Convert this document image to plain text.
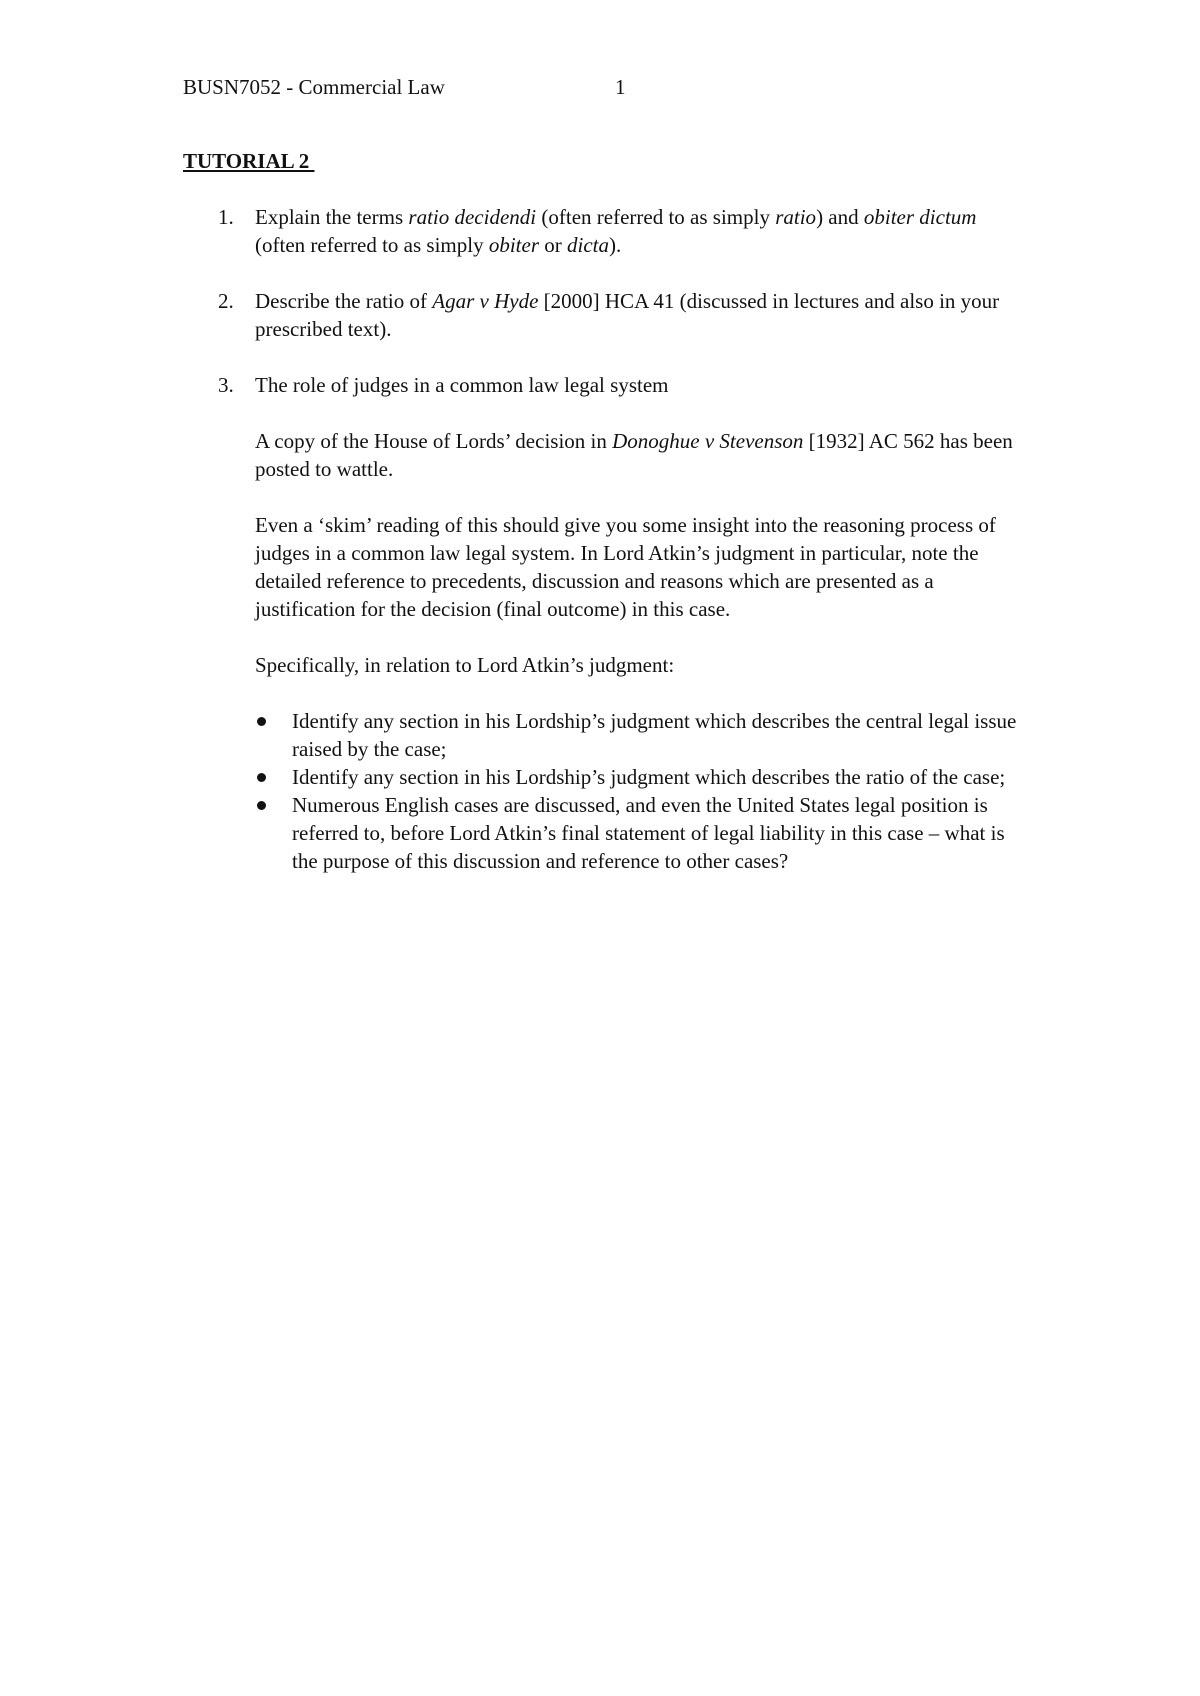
BUSN7052 - Commercial Law	1
TUTORIAL 2
1. Explain the terms ratio decidendi (often referred to as simply ratio) and obiter dictum (often referred to as simply obiter or dicta).
2. Describe the ratio of Agar v Hyde [2000] HCA 41 (discussed in lectures and also in your prescribed text).
3. The role of judges in a common law legal system
A copy of the House of Lords’ decision in Donoghue v Stevenson [1932] AC 562 has been posted to wattle.
Even a ‘skim’ reading of this should give you some insight into the reasoning process of judges in a common law legal system. In Lord Atkin’s judgment in particular, note the detailed reference to precedents, discussion and reasons which are presented as a justification for the decision (final outcome) in this case.
Specifically, in relation to Lord Atkin’s judgment:
Identify any section in his Lordship’s judgment which describes the central legal issue raised by the case;
Identify any section in his Lordship’s judgment which describes the ratio of the case;
Numerous English cases are discussed, and even the United States legal position is referred to, before Lord Atkin’s final statement of legal liability in this case – what is the purpose of this discussion and reference to other cases?
